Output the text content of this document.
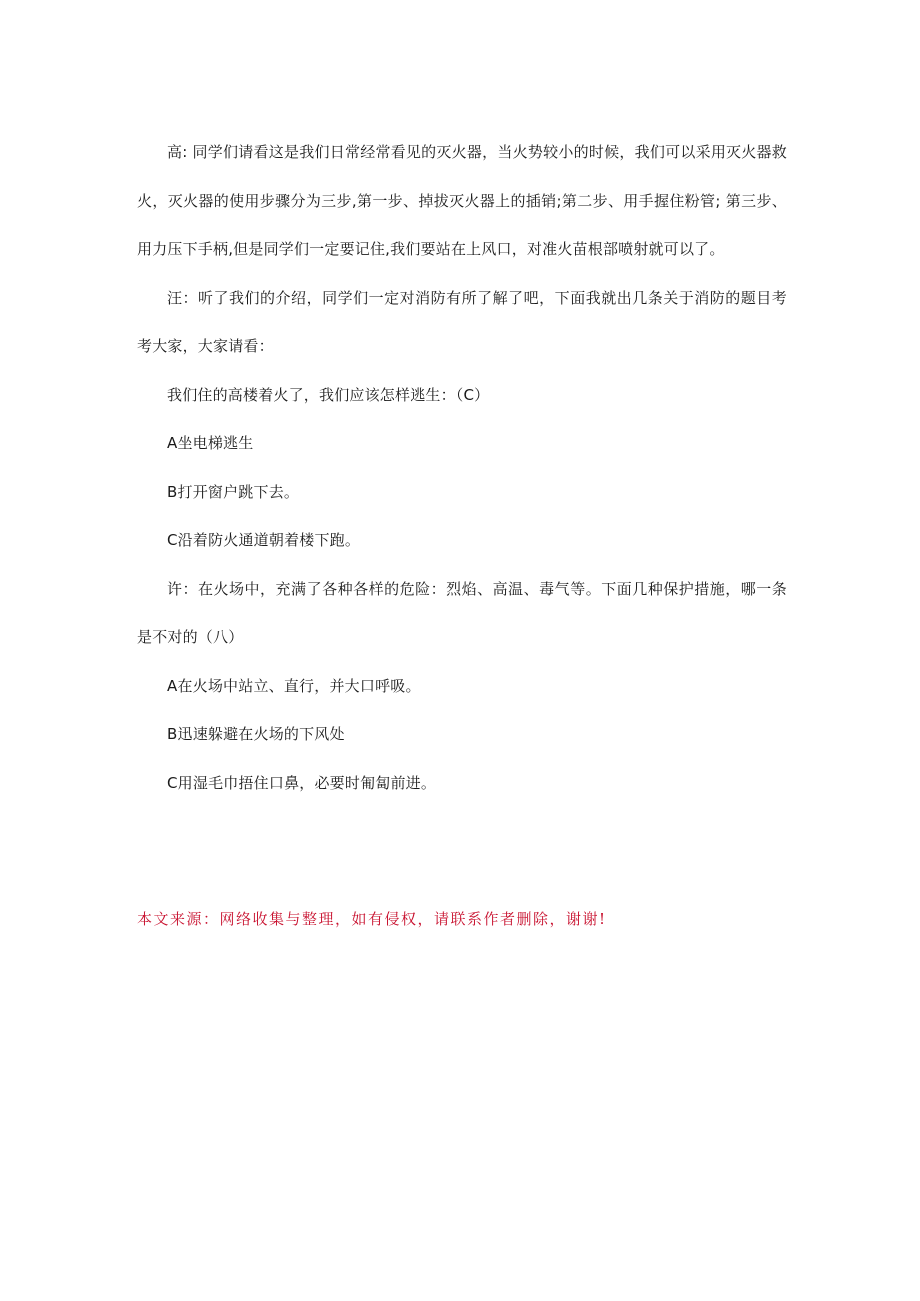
高: 同学们请看这是我们日常经常看见的灭火器，当火势较小的时候，我们可以采用灭火器救火，灭火器的使用步骤分为三步,第一步、掉拔灭火器上的插销;第二步、用手握住粉管; 第三步、用力压下手柄,但是同学们一定要记住,我们要站在上风口，对准火苗根部喷射就可以了。

汪：听了我们的介绍，同学们一定对消防有所了解了吧，下面我就出几条关于消防的题目考考大家，大家请看：

我们住的高楼着火了，我们应该怎样逃生：（C）

A坐电梯逃生

B打开窗户跳下去。

C沿着防火通道朝着楼下跑。

许：在火场中，充满了各种各样的危险：烈焰、高温、毒气等。下面几种保护措施，哪一条是不对的（八）

A在火场中站立、直行，并大口呼吸。

B迅速躲避在火场的下风处

C用湿毛巾捂住口鼻，必要时匍匐前进。

本文来源：网络收集与整理，如有侵权，请联系作者删除，谢谢!
